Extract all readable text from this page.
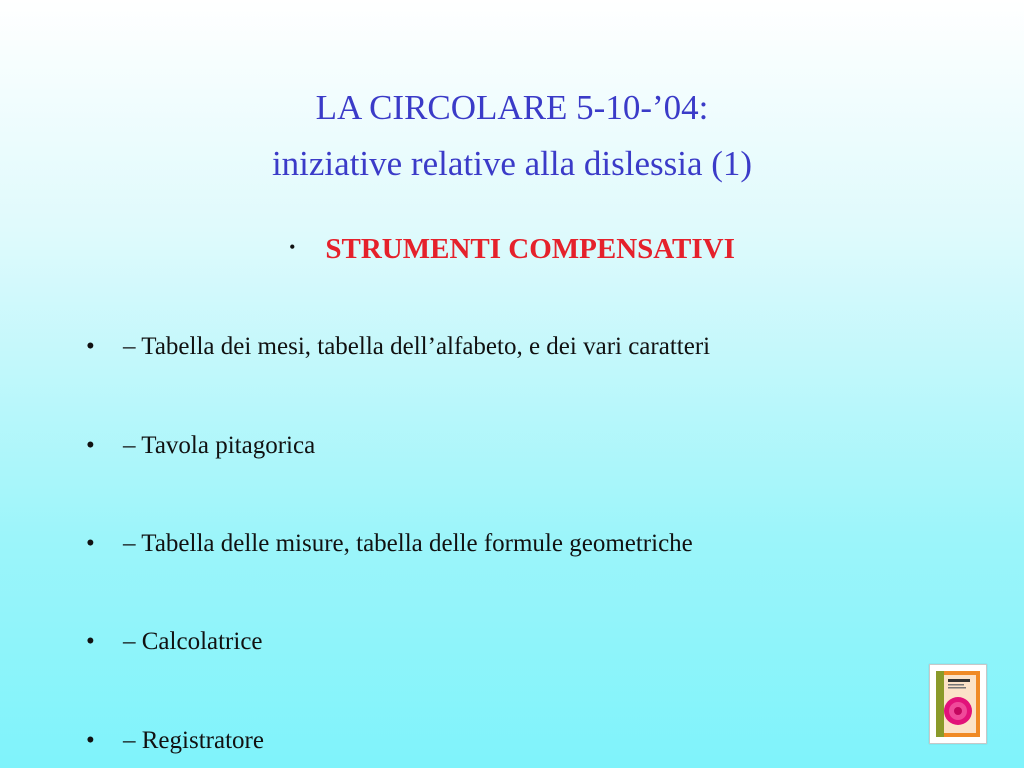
LA CIRCOLARE 5-10-’04:
iniziative relative alla dislessia (1)
• STRUMENTI COMPENSATIVI
• – Tabella dei mesi, tabella dell’alfabeto, e dei vari caratteri
• – Tavola pitagorica
• – Tabella delle misure, tabella delle formule geometriche
• – Calcolatrice
• – Registratore
